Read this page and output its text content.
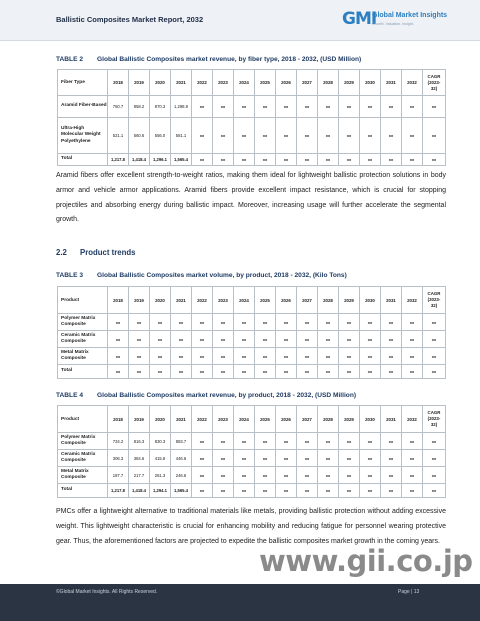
Ballistic Composites Market Report, 2032	GMI
Global Market Insights
Growth. Valuation. Insight.
TABLE 2 Global Ballistic Composites market revenue, by fiber type, 2018 - 2032, (USD Million)
Fiber Type	2018	2019	2020	2021	2022	2023	2024	2025	2026	2027	2028	2029	2030	2031	2032	CAGR
(2023-
32)

Aramid Fiber-Based	750.7	858.2	870.3	1,298.8	xx	xx	xx	xx	xx	xx	xx	xx	xx	xx	xx	xx
Ultra-High Molecular Weight Polyethylene	521.1	560.6	556.0	581.1	xx	xx	xx	xx	xx	xx	xx	xx	xx	xx	xx	xx
Total	1,217.8	1,418.4	1,296.1	1,565.4	xx	xx	xx	xx	xx	xx	xx	xx	xx	xx	xx	xx
Aramid fibers offer excellent strength-to-weight ratios, making them ideal for lightweight ballistic protection solutions in body armor and vehicle armor applications. Aramid fibers provide excellent impact resistance, which is crucial for stopping projectiles and absorbing energy during ballistic impact. Moreover, increasing usage will further accelerate the segmental growth.
2.2 Product trends
TABLE 3 Global Ballistic Composites market volume, by product, 2018 - 2032, (Kilo Tons)
Product	2018	2019	2020	2021	2022	2023	2024	2025	2026	2027	2028	2029	2030	2031	2032	CAGR
(2023-
32)

Polymer Matrix Composite	xx	xx	xx	xx	xx	xx	xx	xx	xx	xx	xx	xx	xx	xx	xx	xx
Ceramic Matrix Composite	xx	xx	xx	xx	xx	xx	xx	xx	xx	xx	xx	xx	xx	xx	xx	xx
Metal Matrix Composite	xx	xx	xx	xx	xx	xx	xx	xx	xx	xx	xx	xx	xx	xx	xx	xx
Total	xx	xx	xx	xx	xx	xx	xx	xx	xx	xx	xx	xx	xx	xx	xx	xx
TABLE 4 Global Ballistic Composites market revenue, by product, 2018 - 2032, (USD Million)
Product	2018	2019	2020	2021	2022	2023	2024	2025	2026	2027	2028	2029	2030	2031	2032	CAGR
(2023-
32)

Polymer Matrix Composite	734.2	816.3	830.3	883.7	xx	xx	xx	xx	xx	xx	xx	xx	xx	xx	xx	xx
Ceramic Matrix Composite	306.3	384.6	415.8	446.6	xx	xx	xx	xx	xx	xx	xx	xx	xx	xx	xx	xx
Metal Matrix Composite	187.7	217.7	261.3	246.6	xx	xx	xx	xx	xx	xx	xx	xx	xx	xx	xx	xx
Total	1,217.8	1,418.4	1,294.1	1,565.4	xx	xx	xx	xx	xx	xx	xx	xx	xx	xx	xx	xx
PMCs offer a lightweight alternative to traditional materials like metals, providing ballistic protection without adding excessive weight. This lightweight characteristic is crucial for enhancing mobility and reducing fatigue for personnel wearing protective gear. Thus, the aforementioned factors are projected to expedite the ballistic composites market growth in the coming years.
www.gii.co.jp
©Global Market Insights. All Rights Reserved.	Page | 13
